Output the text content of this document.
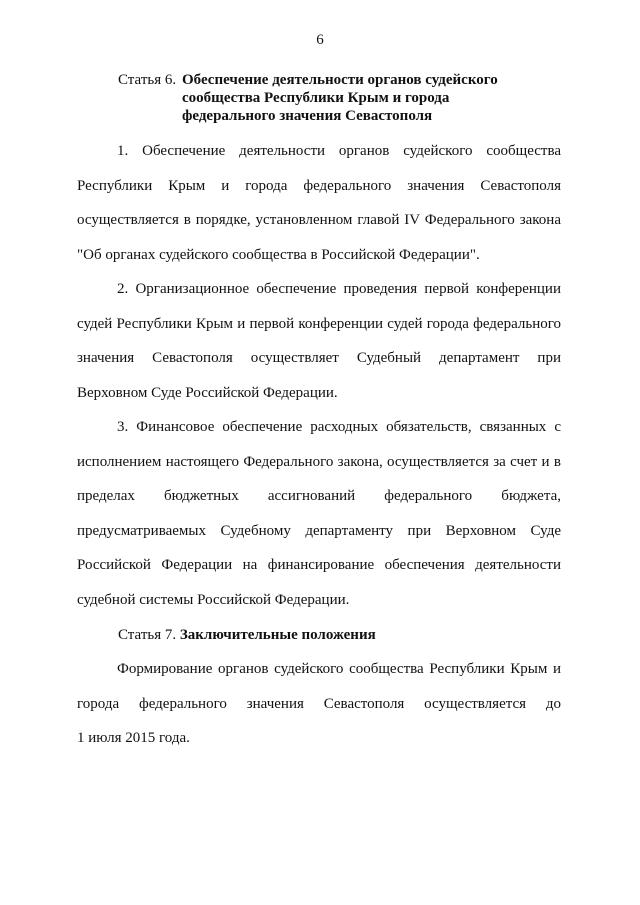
6
Статья 6. Обеспечение деятельности органов судейского
сообщества Республики Крым и города
федерального значения Севастополя
1. Обеспечение деятельности органов судейского сообщества
Республики Крым и города федерального значения Севастополя
осуществляется в порядке, установленном главой IV Федерального закона
"Об органах судейского сообщества в Российской Федерации".
2. Организационное обеспечение проведения первой конференции
судей Республики Крым и первой конференции судей города федерального
значения Севастополя осуществляет Судебный департамент при
Верховном Суде Российской Федерации.
3. Финансовое обеспечение расходных обязательств, связанных с
исполнением настоящего Федерального закона, осуществляется за счет и в
пределах бюджетных ассигнований федерального бюджета,
предусматриваемых Судебному департаменту при Верховном Суде
Российской Федерации на финансирование обеспечения деятельности
судебной системы Российской Федерации.
Статья 7. Заключительные положения
Формирование органов судейского сообщества Республики Крым и
города федерального значения Севастополя осуществляется до
1 июля 2015 года.
